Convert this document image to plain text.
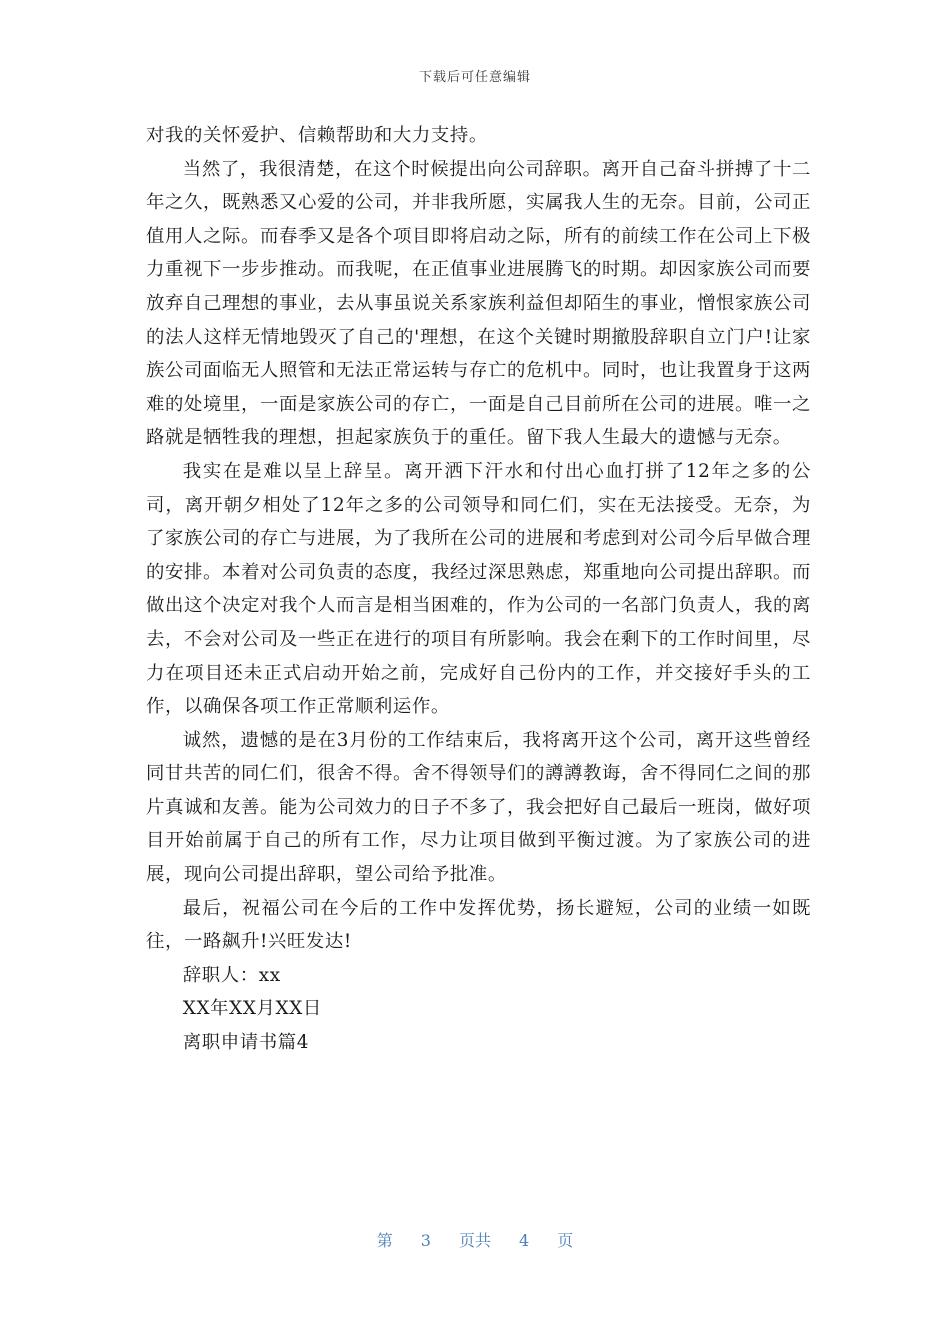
下载后可任意编辑

对我的关怀爱护、信赖帮助和大力支持。

当然了，我很清楚，在这个时候提出向公司辞职。离开自己奋斗拼搏了十二年之久，既熟悉又心爱的公司，并非我所愿，实属我人生的无奈。目前，公司正值用人之际。而春季又是各个项目即将启动之际，所有的前续工作在公司上下极力重视下一步步推动。而我呢，在正值事业进展腾飞的时期。却因家族公司而要放弃自己理想的事业，去从事虽说关系家族利益但却陌生的事业，憎恨家族公司的法人这样无情地毁灭了自己的'理想，在这个关键时期撤股辞职自立门户!让家族公司面临无人照管和无法正常运转与存亡的危机中。同时，也让我置身于这两难的处境里，一面是家族公司的存亡，一面是自己目前所在公司的进展。唯一之路就是牺牲我的理想，担起家族负于的重任。留下我人生最大的遗憾与无奈。

我实在是难以呈上辞呈。离开洒下汗水和付出心血打拼了12年之多的公司，离开朝夕相处了12年之多的公司领导和同仁们，实在无法接受。无奈，为了家族公司的存亡与进展，为了我所在公司的进展和考虑到对公司今后早做合理的安排。本着对公司负责的态度，我经过深思熟虑，郑重地向公司提出辞职。而做出这个决定对我个人而言是相当困难的，作为公司的一名部门负责人，我的离去，不会对公司及一些正在进行的项目有所影响。我会在剩下的工作时间里，尽力在项目还未正式启动开始之前，完成好自己份内的工作，并交接好手头的工作，以确保各项工作正常顺利运作。

诚然，遗憾的是在3月份的工作结束后，我将离开这个公司，离开这些曾经同甘共苦的同仁们，很舍不得。舍不得领导们的譐譐教诲，舍不得同仁之间的那片真诚和友善。能为公司效力的日子不多了，我会把好自己最后一班岗，做好项目开始前属于自己的所有工作，尽力让项目做到平衡过渡。为了家族公司的进展，现向公司提出辞职，望公司给予批准。

最后，祝福公司在今后的工作中发挥优势，扬长避短，公司的业绩一如既往，一路飙升!兴旺发达!

辞职人：xx

XX年XX月XX日

离职申请书篇4

第 3 页共 4 页
